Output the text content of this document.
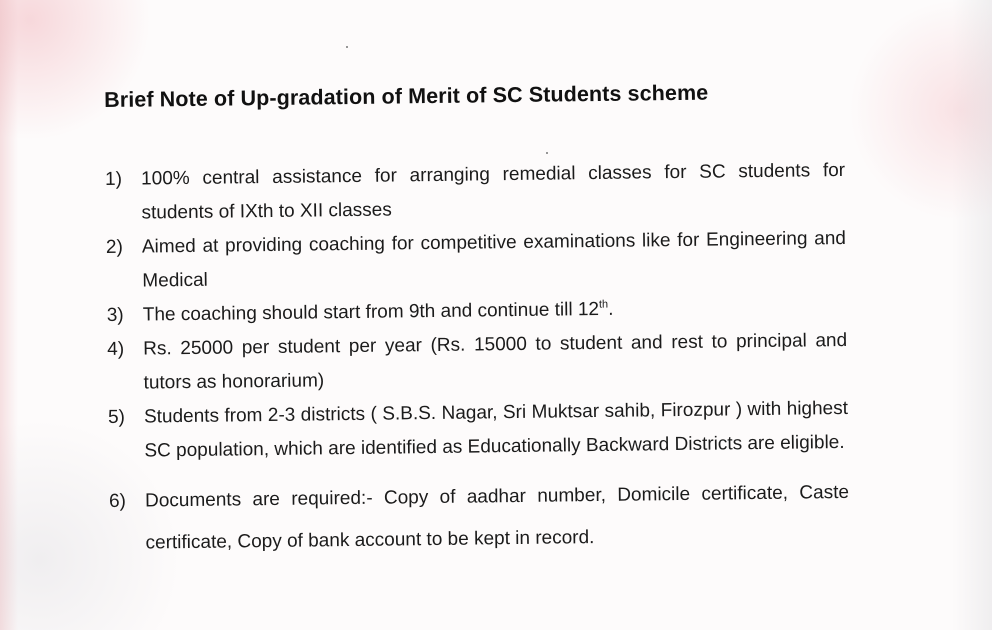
Brief Note of Up-gradation of Merit of SC Students scheme
1) 100% central assistance for arranging remedial classes for SC students for students of IXth to XII classes
2) Aimed at providing coaching for competitive examinations like for Engineering and Medical
3) The coaching should start from 9th and continue till 12th.
4) Rs. 25000 per student per year (Rs. 15000 to student and rest to principal and tutors as honorarium)
5) Students from 2-3 districts ( S.B.S. Nagar, Sri Muktsar sahib, Firozpur ) with highest SC population, which are identified as Educationally Backward Districts are eligible.
6) Documents are required:- Copy of aadhar number, Domicile certificate, Caste certificate, Copy of bank account to be kept in record.
